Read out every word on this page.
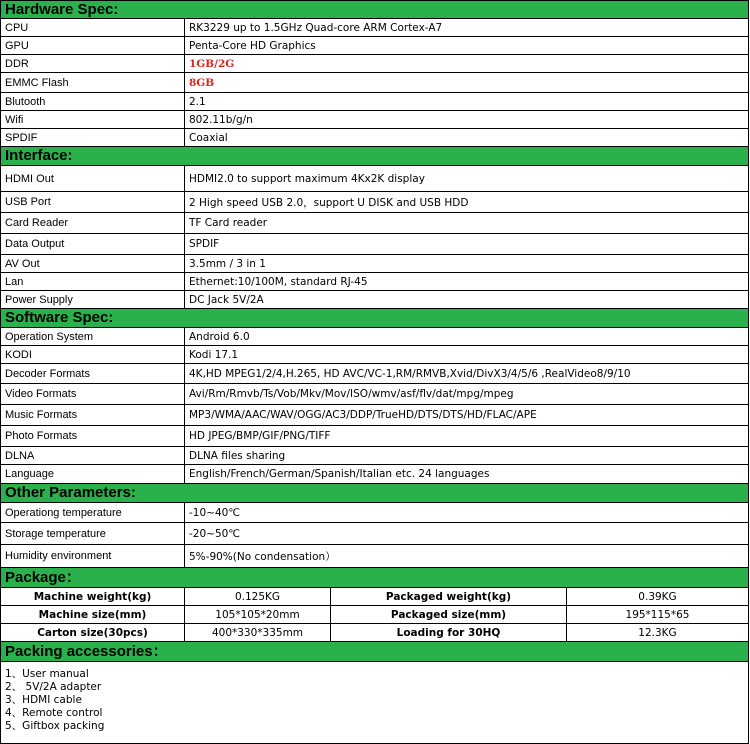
Hardware Spec:
CPU	RK3229 up to 1.5GHz Quad-core ARM Cortex-A7
GPU	Penta-Core HD Graphics
DDR	1GB/2G
EMMC Flash	8GB
Blutooth	2.1
Wifi	802.11b/g/n
SPDIF	Coaxial
Interface:
HDMI Out	HDMI2.0 to support maximum 4Kx2K display
USB Port	2 High speed USB 2.0，support U DISK and USB HDD
Card Reader	TF Card reader
Data Output	SPDIF
AV Out	3.5mm / 3 in 1
Lan	Ethernet:10/100M, standard RJ-45
Power Supply	DC Jack 5V/2A
Software Spec:
Operation System	Android 6.0
KODI	Kodi 17.1
Decoder Formats	4K,HD MPEG1/2/4,H.265, HD AVC/VC-1,RM/RMVB,Xvid/DivX3/4/5/6 ,RealVideo8/9/10
Video Formats	Avi/Rm/Rmvb/Ts/Vob/Mkv/Mov/ISO/wmv/asf/flv/dat/mpg/mpeg
Music Formats	MP3/WMA/AAC/WAV/OGG/AC3/DDP/TrueHD/DTS/DTS/HD/FLAC/APE
Photo Formats	HD JPEG/BMP/GIF/PNG/TIFF
DLNA	DLNA files sharing
Language	English/French/German/Spanish/Italian etc. 24 languages
Other Parameters:
Operationg temperature	-10~40℃
Storage temperature	-20~50℃
Humidity environment	5%-90%(No condensation）
Package：
Machine weight(kg)	0.125KG	Packaged weight(kg)	0.39KG
Machine size(mm)	105*105*20mm	Packaged size(mm)	195*115*65
Carton size(30pcs)	400*330*335mm	Loading for 30HQ	12.3KG
Packing accessories：
1、User manual
2、 5V/2A adapter
3、HDMI cable
4、Remote control
5、Giftbox packing
